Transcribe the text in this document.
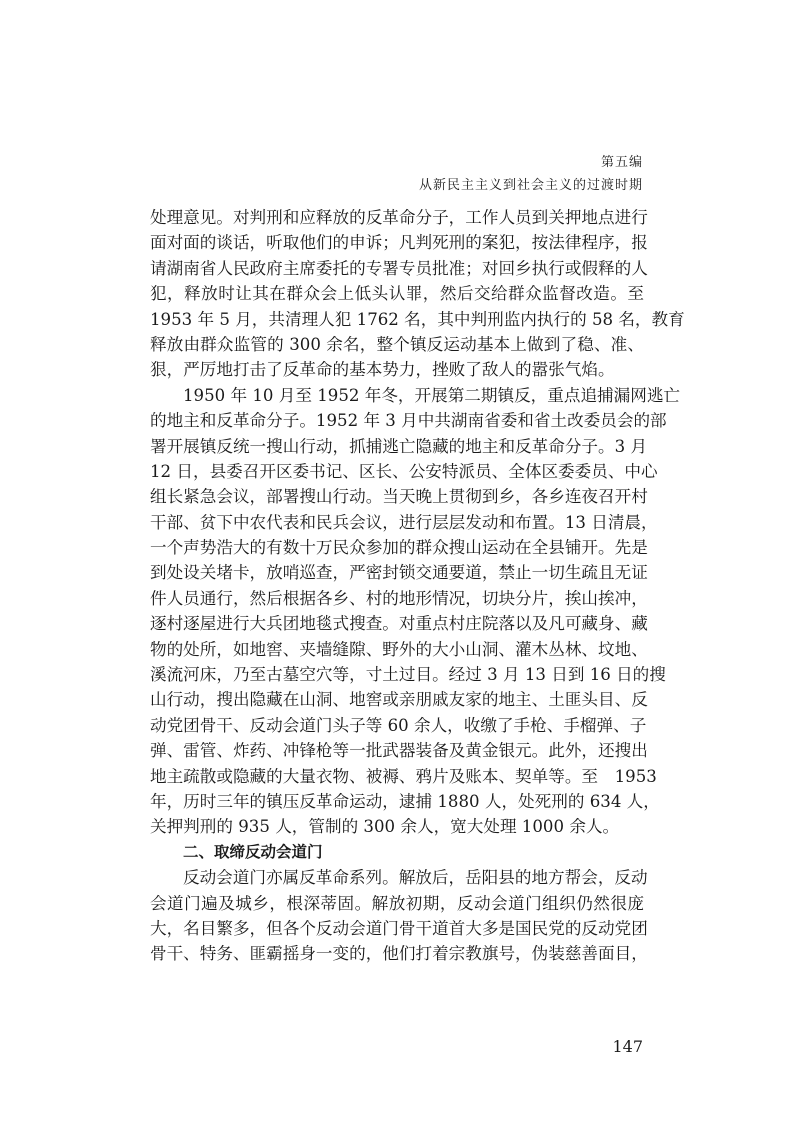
第五编
从新民主主义到社会主义的过渡时期
处理意见。对判刑和应释放的反革命分子，工作人员到关押地点进行
面对面的谈话，听取他们的申诉；凡判死刑的案犯，按法律程序，报
请湖南省人民政府主席委托的专署专员批准；对回乡执行或假释的人
犯，释放时让其在群众会上低头认罪，然后交给群众监督改造。至
1953 年 5 月，共清理人犯 1762 名，其中判刑监内执行的 58 名，教育
释放由群众监管的 300 余名，整个镇反运动基本上做到了稳、准、
狠，严厉地打击了反革命的基本势力，挫败了敌人的嚣张气焰。
1950 年 10 月至 1952 年冬，开展第二期镇反，重点追捕漏网逃亡
的地主和反革命分子。1952 年 3 月中共湖南省委和省土改委员会的部
署开展镇反统一搜山行动，抓捕逃亡隐藏的地主和反革命分子。3 月
12 日，县委召开区委书记、区长、公安特派员、全体区委委员、中心
组长紧急会议，部署搜山行动。当天晚上贯彻到乡，各乡连夜召开村
干部、贫下中农代表和民兵会议，进行层层发动和布置。13 日清晨，
一个声势浩大的有数十万民众参加的群众搜山运动在全县铺开。先是
到处设关堵卡，放哨巡查，严密封锁交通要道，禁止一切生疏且无证
件人员通行，然后根据各乡、村的地形情况，切块分片，挨山挨冲，
逐村逐屋进行大兵团地毯式搜查。对重点村庄院落以及凡可藏身、藏
物的处所，如地窖、夹墙缝隙、野外的大小山洞、灌木丛林、坟地、
溪流河床，乃至古墓空穴等，寸土过目。经过 3 月 13 日到 16 日的搜
山行动，搜出隐藏在山洞、地窖或亲朋戚友家的地主、土匪头目、反
动党团骨干、反动会道门头子等 60 余人，收缴了手枪、手榴弹、子
弹、雷管、炸药、冲锋枪等一批武器装备及黄金银元。此外，还搜出
地主疏散或隐藏的大量衣物、被褥、鸦片及账本、契单等。至　1953
年，历时三年的镇压反革命运动，逮捕 1880 人，处死刑的 634 人，
关押判刑的 935 人，管制的 300 余人，宽大处理 1000 余人。
二、取缔反动会道门
反动会道门亦属反革命系列。解放后，岳阳县的地方帮会，反动
会道门遍及城乡，根深蒂固。解放初期，反动会道门组织仍然很庞
大，名目繁多，但各个反动会道门骨干道首大多是国民党的反动党团
骨干、特务、匪霸摇身一变的，他们打着宗教旗号，伪装慈善面目，
147
